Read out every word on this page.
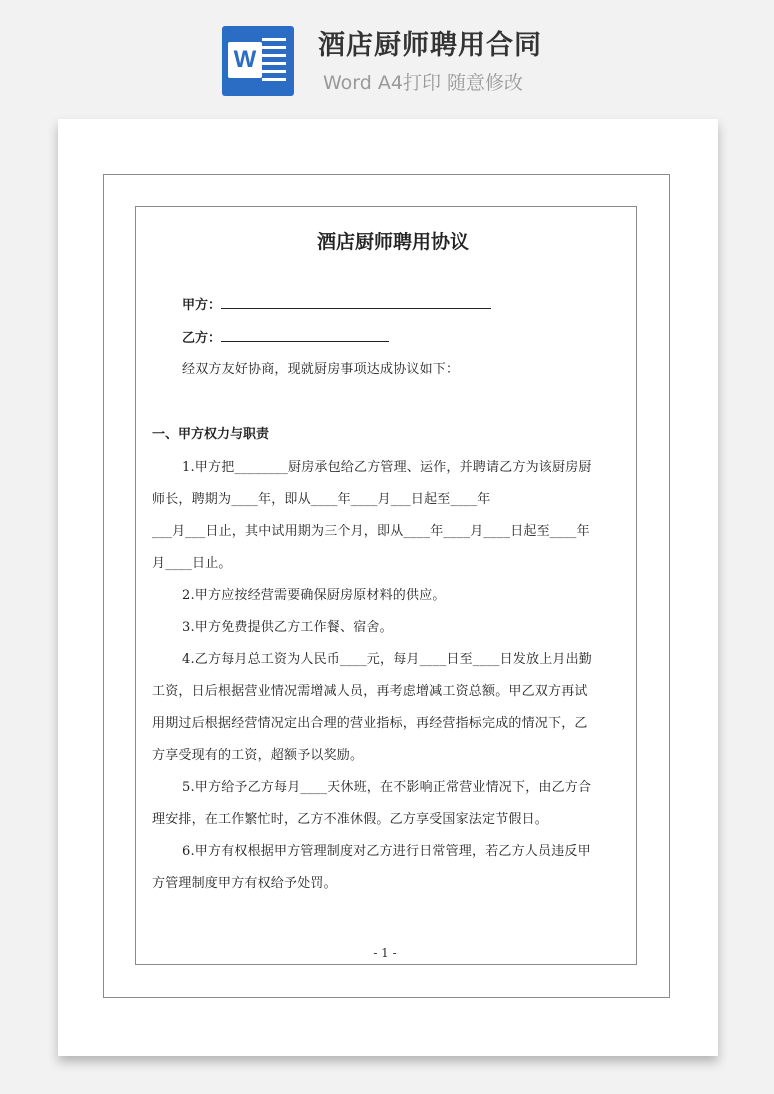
W 酒店厨师聘用合同
Word A4打印 随意修改
酒店厨师聘用协议
甲方：
乙方：
经双方友好协商，现就厨房事项达成协议如下：
一、甲方权力与职责
1.甲方把________厨房承包给乙方管理、运作，并聘请乙方为该厨房厨
师长，聘期为____年，即从____年____月___日起至____年
___月___日止，其中试用期为三个月，即从____年____月____日起至____年
月____日止。
2.甲方应按经营需要确保厨房原材料的供应。
3.甲方免费提供乙方工作餐、宿舍。
4.乙方每月总工资为人民币____元，每月____日至____日发放上月出勤
工资，日后根据营业情况需增减人员，再考虑增减工资总额。甲乙双方再试
用期过后根据经营情况定出合理的营业指标，再经营指标完成的情况下，乙
方享受现有的工资，超额予以奖励。
5.甲方给予乙方每月____天休班，在不影响正常营业情况下，由乙方合
理安排，在工作繁忙时，乙方不准休假。乙方享受国家法定节假日。
6.甲方有权根据甲方管理制度对乙方进行日常管理，若乙方人员违反甲
方管理制度甲方有权给予处罚。
- 1 -
